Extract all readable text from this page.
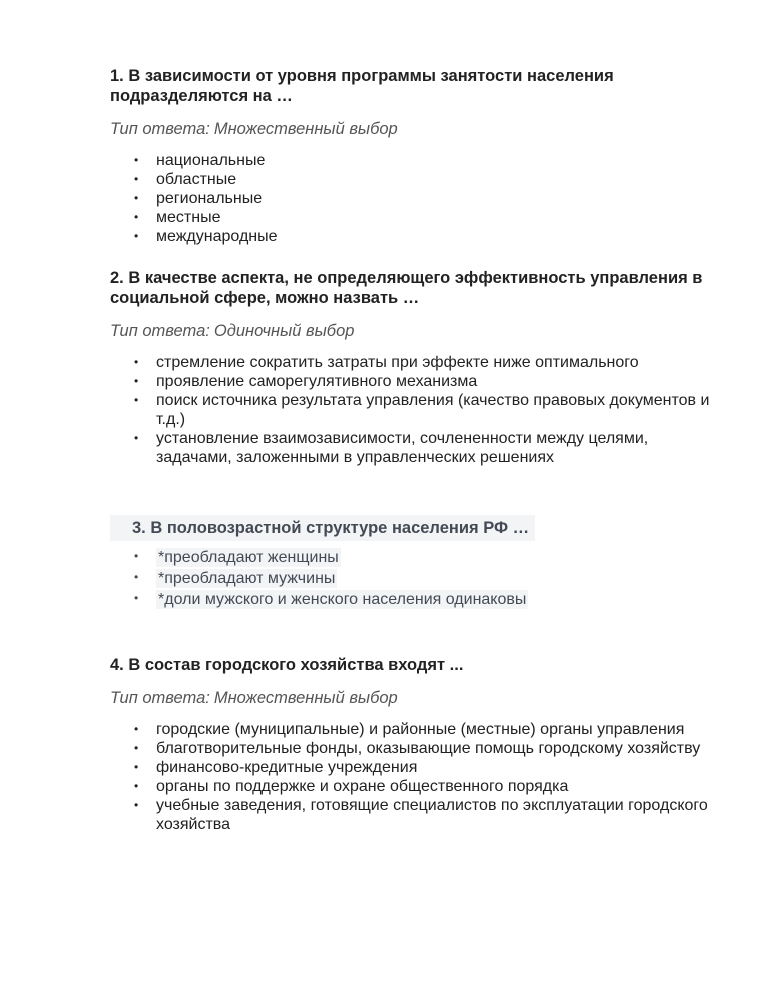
1. В зависимости от уровня программы занятости населения подразделяются на …

Тип ответа: Множественный выбор

• национальные
• областные
• региональные
• местные
• международные

2. В качестве аспекта, не определяющего эффективность управления в социальной сфере, можно назвать …

Тип ответа: Одиночный выбор

• стремление сократить затраты при эффекте ниже оптимального
• проявление саморегулятивного механизма
• поиск источника результата управления (качество правовых документов и т.д.)
• установление взаимозависимости, сочлененности между целями, задачами, заложенными в управленческих решениях

3. В половозрастной структуре населения РФ …

• *преобладают женщины
• *преобладают мужчины
• *доли мужского и женского населения одинаковы

4. В состав городского хозяйства входят ...

Тип ответа: Множественный выбор

• городские (муниципальные) и районные (местные) органы управления
• благотворительные фонды, оказывающие помощь городскому хозяйству
• финансово-кредитные учреждения
• органы по поддержке и охране общественного порядка
• учебные заведения, готовящие специалистов по эксплуатации городского хозяйства
